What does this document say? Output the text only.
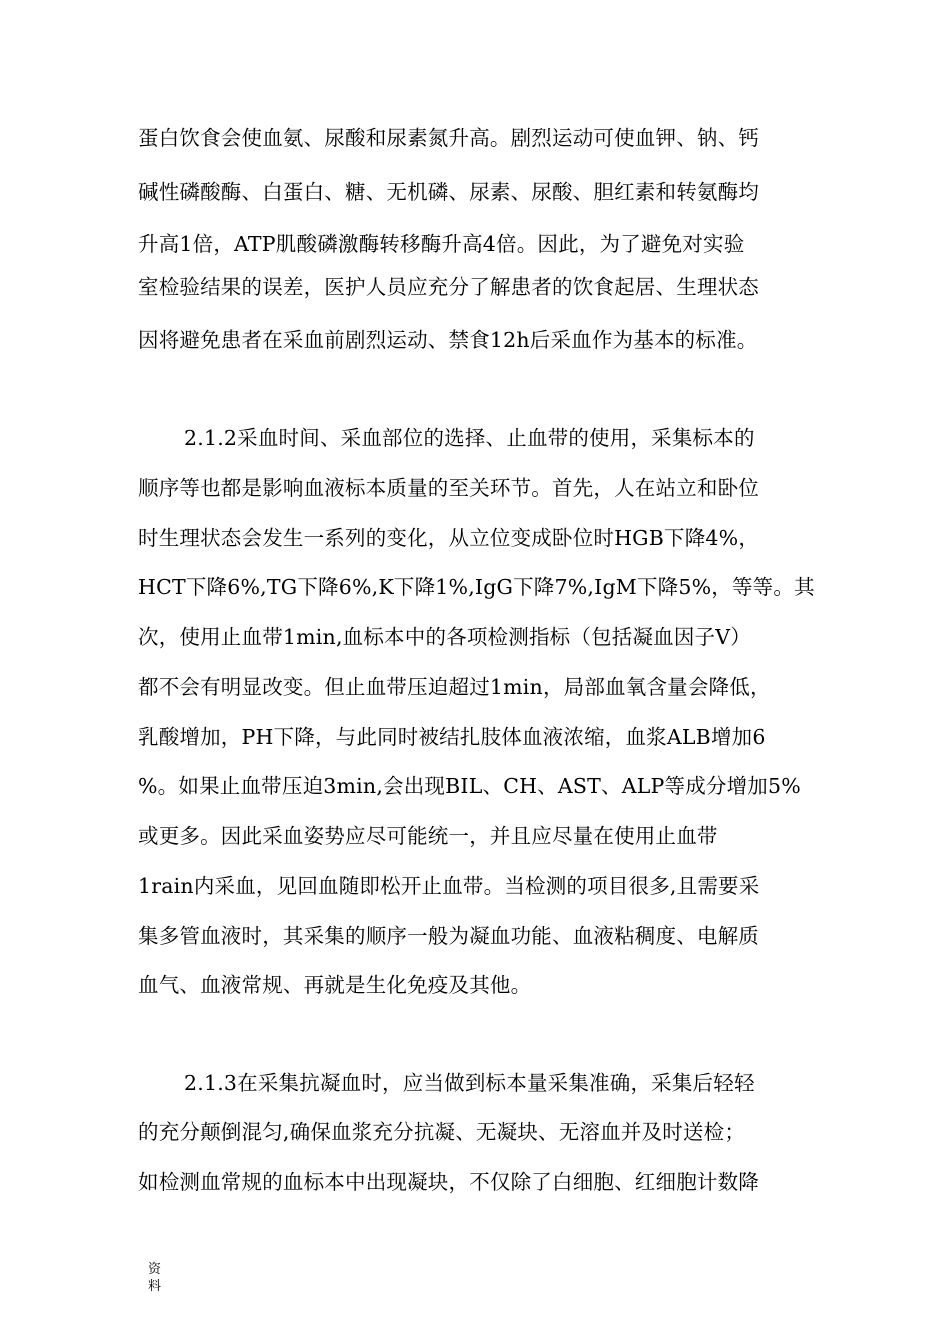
蛋白饮食会使血氨、尿酸和尿素氮升高。剧烈运动可使血钾、钠、钙
碱性磷酸酶、白蛋白、糖、无机磷、尿素、尿酸、胆红素和转氨酶均
升高1倍，ATP肌酸磷激酶转移酶升高4倍。因此，为了避免对实验
室检验结果的误差，医护人员应充分了解患者的饮食起居、生理状态
因将避免患者在采血前剧烈运动、禁食12h后采血作为基本的标准。
2.1.2采血时间、采血部位的选择、止血带的使用，采集标本的
顺序等也都是影响血液标本质量的至关环节。首先，人在站立和卧位
时生理状态会发生一系列的变化，从立位变成卧位时HGB下降4%，
HCT下降6%,TG下降6%,K下降1%,IgG下降7%,IgM下降5%，等等。其
次，使用止血带1min,血标本中的各项检测指标（包括凝血因子V）
都不会有明显改变。但止血带压迫超过1min，局部血氧含量会降低，
乳酸增加，PH下降，与此同时被结扎肢体血液浓缩，血浆ALB增加6
%。如果止血带压迫3min,会出现BIL、CH、AST、ALP等成分增加5%
或更多。因此采血姿势应尽可能统一，并且应尽量在使用止血带
1rain内采血，见回血随即松开止血带。当检测的项目很多,且需要采
集多管血液时，其采集的顺序一般为凝血功能、血液粘稠度、电解质
血气、血液常规、再就是生化免疫及其他。
2.1.3在采集抗凝血时，应当做到标本量采集准确，采集后轻轻
的充分颠倒混匀,确保血浆充分抗凝、无凝块、无溶血并及时送检；
如检测血常规的血标本中出现凝块，不仅除了白细胞、红细胞计数降
资
料
